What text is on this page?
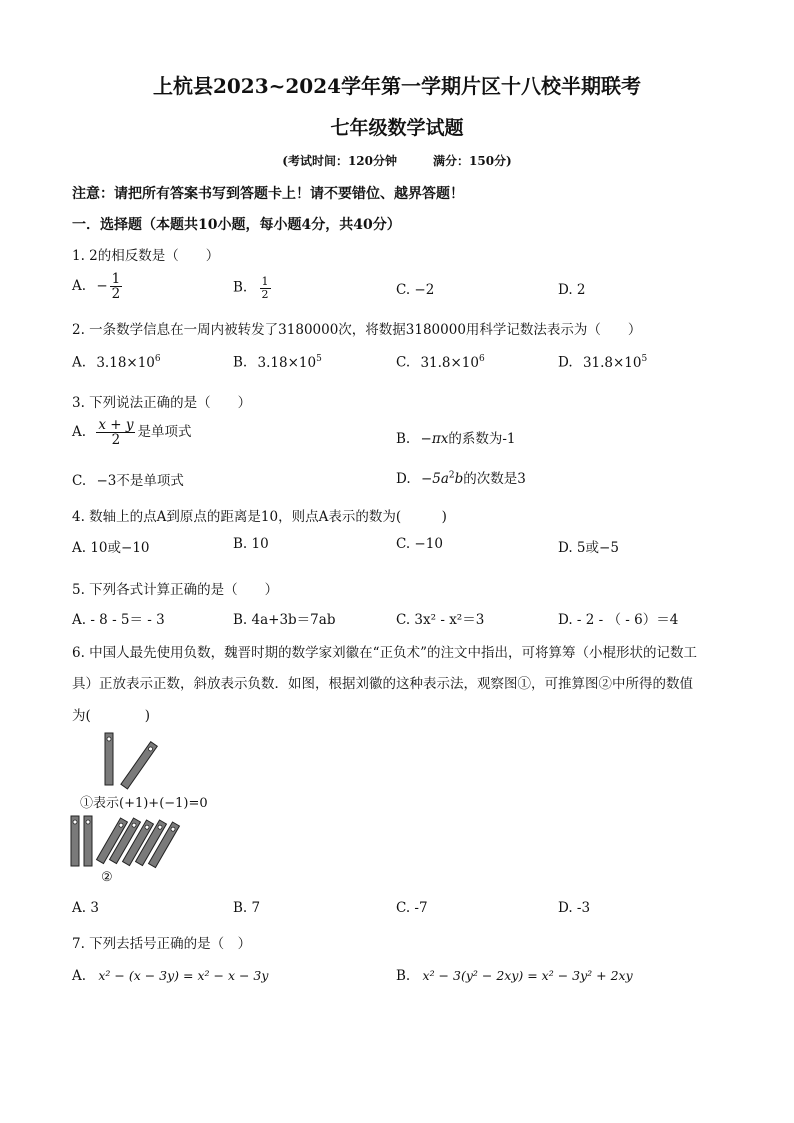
上杭县2023~2024学年第一学期片区十八校半期联考
七年级数学试题
(考试时间：120分钟　　　满分：150分)
注意：请把所有答案书写到答题卡上！请不要错位、越界答题！
一．选择题（本题共10小题，每小题4分，共40分）
1. 2的相反数是（　　）
A. − $\frac{1}{2}$	B. $\frac{1}{2}$	C. −2	D. 2
2. 一条数学信息在一周内被转发了3180000次，将数据3180000用科学记数法表示为（　　）
A. $3.18\times 10^6$	B. $3.18\times 10^5$	C. $31.8\times 10^6$	D. $31.8\times 10^5$
3. 下列说法正确的是（　　）
A. $\frac{x + y}{2}$ 是单项式	B. −πx的系数为-1
C. −3不是单项式	D. $-5a^2b$的次数是3
4. 数轴上的点A到原点的距离是10，则点A表示的数为(　　　)
A. 10或−10	B. 10	C. −10	D. 5或−5
5. 下列各式计算正确的是（　　）
A. - 8 - 5＝ - 3	B. 4a+3b＝7ab	C. 3x² - x²＝3	D. - 2 - （ - 6）＝4
6. 中国人最先使用负数，魏晋时期的数学家刘徽在“正负术”的注文中指出，可将算筹（小棍形状的记数工
具）正放表示正数，斜放表示负数．如图，根据刘徽的这种表示法，观察图①，可推算图②中所得的数值
为(　　　　)
①表示(+1)+(−1)=0
②
A. 3	B. 7	C. -7	D. -3
7. 下列去括号正确的是（　）
A. x² − (x − 3y) = x² − x − 3y	B. x² − 3(y² − 2xy) = x² − 3y² + 2xy
